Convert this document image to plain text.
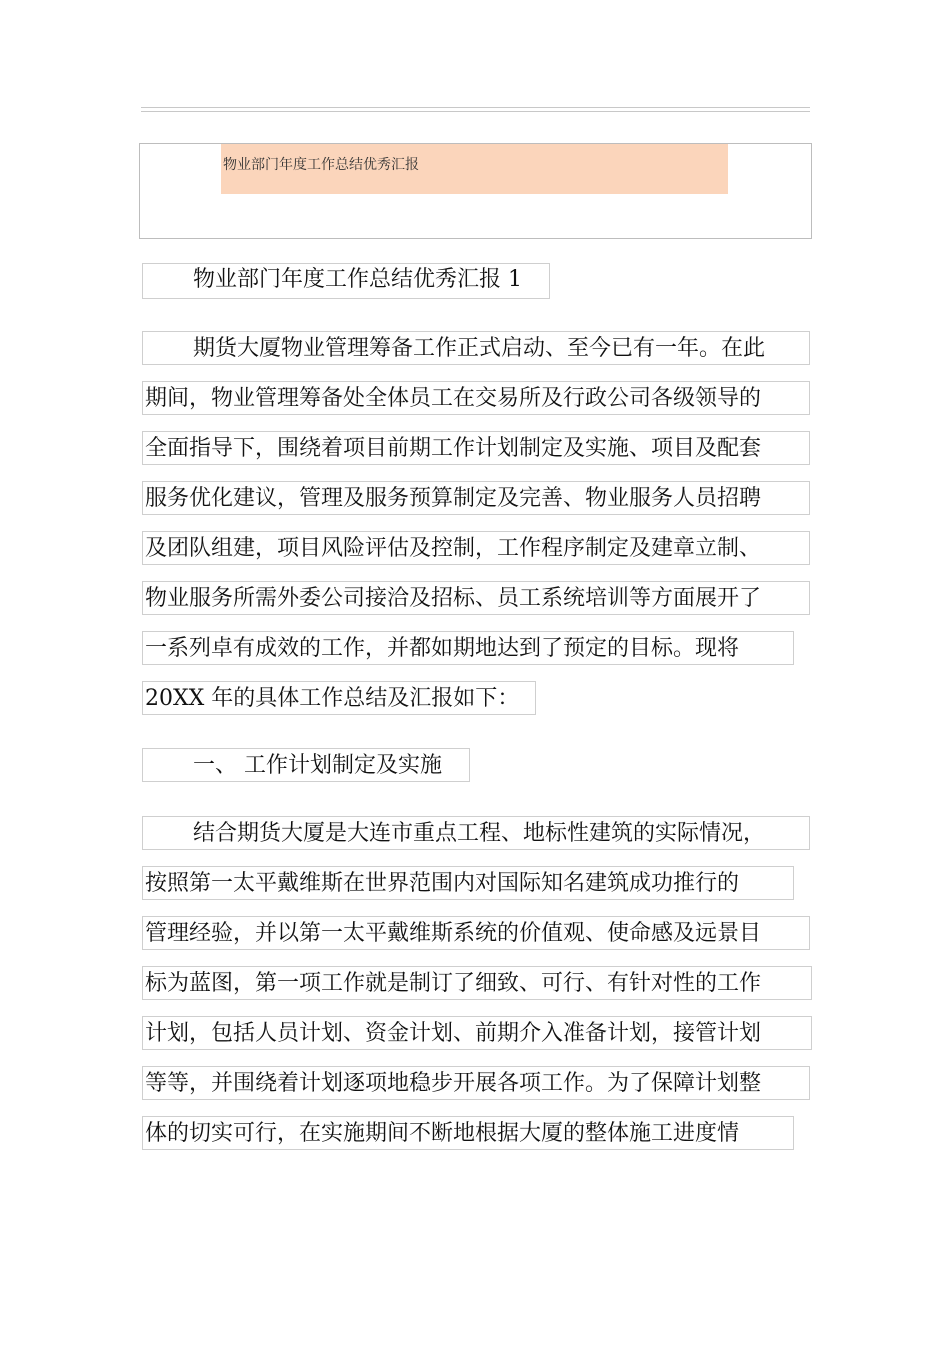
物业部门年度工作总结优秀汇报
物业部门年度工作总结优秀汇报 1
期货大厦物业管理筹备工作正式启动、至今已有一年。在此
期间，物业管理筹备处全体员工在交易所及行政公司各级领导的
全面指导下，围绕着项目前期工作计划制定及实施、项目及配套
服务优化建议，管理及服务预算制定及完善、物业服务人员招聘
及团队组建，项目风险评估及控制，工作程序制定及建章立制、
物业服务所需外委公司接洽及招标、员工系统培训等方面展开了
一系列卓有成效的工作，并都如期地达到了预定的目标。现将
20XX 年的具体工作总结及汇报如下：
一、 工作计划制定及实施
结合期货大厦是大连市重点工程、地标性建筑的实际情况，
按照第一太平戴维斯在世界范围内对国际知名建筑成功推行的
管理经验，并以第一太平戴维斯系统的价值观、使命感及远景目
标为蓝图，第一项工作就是制订了细致、可行、有针对性的工作
计划，包括人员计划、资金计划、前期介入准备计划，接管计划
等等，并围绕着计划逐项地稳步开展各项工作。为了保障计划整
体的切实可行，在实施期间不断地根据大厦的整体施工进度情
